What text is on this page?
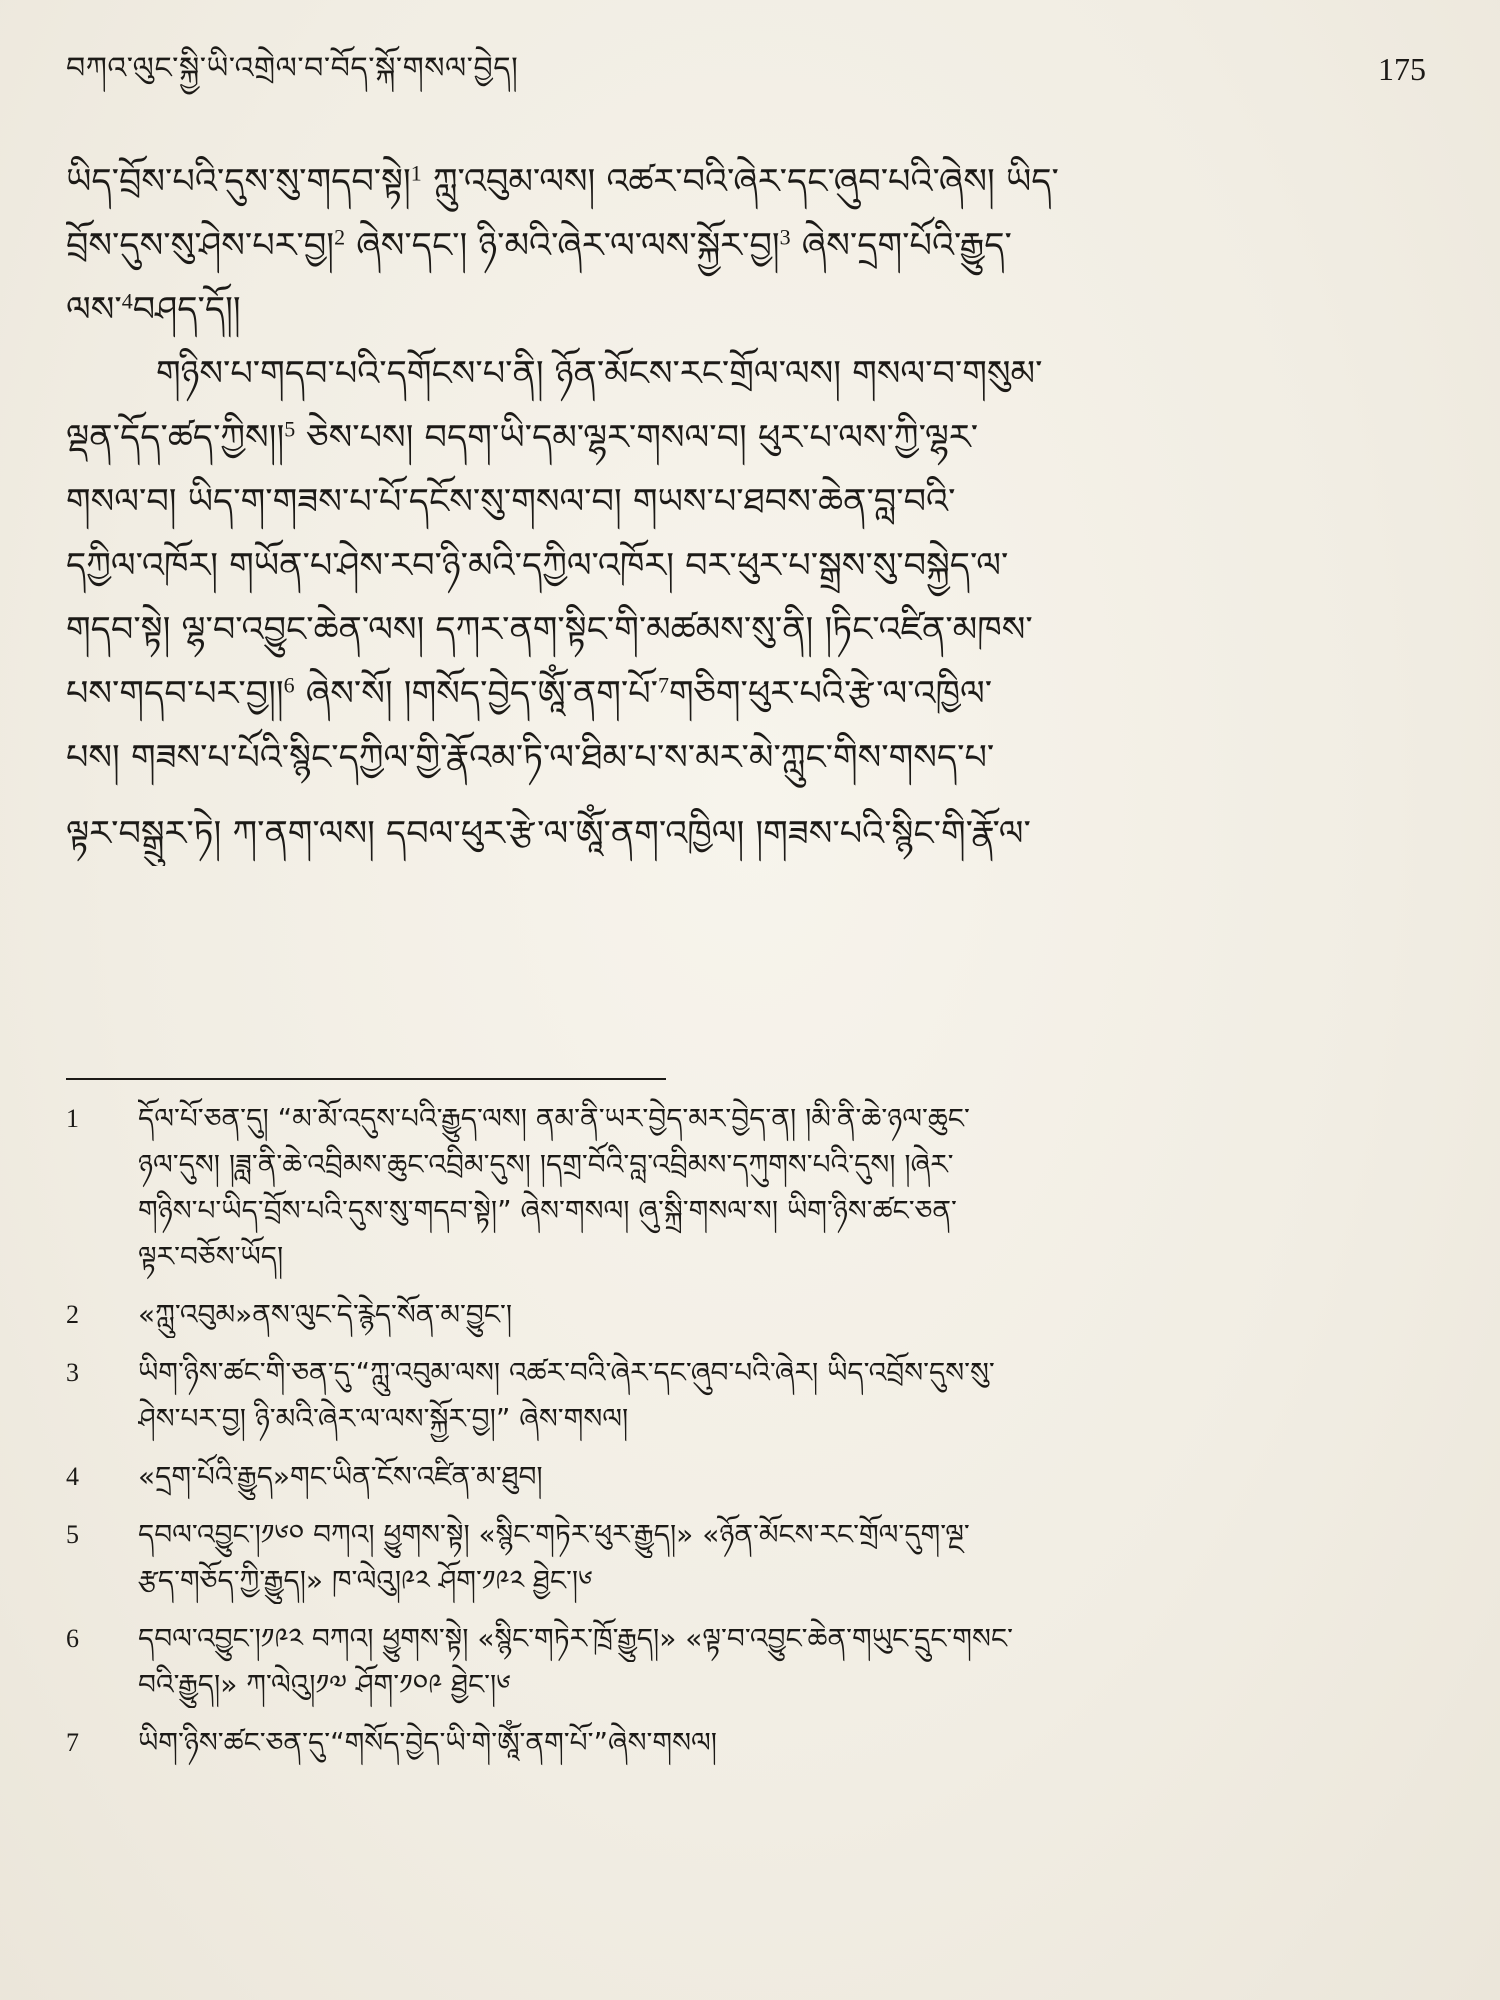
བཀའ་ལུང་སྐྱི་ཡི་འགྲེལ་བ་བོད་སྐོ་གསལ་བྱེད།	175
ཡིད་བྲོས་པའི་དུས་སུ་གདབ་སྟེ།$^1$ ཀླུ་འབུམ་ལས། འཚར་བའི་ཞེར་དང་ཞུབ་པའི་ཞེས། ཡིད་
བྲོས་དུས་སུ་ཤེས་པར་བྱ།$^2$ ཞེས་དང་། ཉི་མའི་ཞེར་ལ་ལས་སྐྱོར་བྱ།$^3$ ཞེས་དྲག་པོའི་རྒྱུད་
ལས་$^4$བཤད་དོ།།
གཉིས་པ་གདབ་པའི་དགོངས་པ་ནི། ཉོན་མོངས་རང་གྲོལ་ལས། གསལ་བ་གསུམ་
ལྡན་དོད་ཚད་ཀྱིས།།$^5$ ཅེས་པས། བདག་ཡི་དམ་ལྷར་གསལ་བ། ཕུར་པ་ལས་ཀྱི་ལྷར་
གསལ་བ། ཡིད་ག་གཟས་པ་པོ་དངོས་སུ་གསལ་བ། གཡས་པ་ཐབས་ཆེན་བླ་བའི་
དཀྱིལ་འཁོར། གཡོན་པ་ཤེས་རབ་ཉི་མའི་དཀྱིལ་འཁོར། བར་ཕུར་པ་སྒྲས་སུ་བསྐྱེད་ལ་
གདབ་སྟེ། ལྷ་བ་འབྱུང་ཆེན་ལས། དཀར་ནག་སྟིང་གི་མཚམས་སུ་ནི། །ཏིང་འཛིན་མཁས་
པས་གདབ་པར་བྱ།།$^6$ ཞེས་སོ། །གསོད་བྱེད་ཨཱོཾ་ནག་པོ་$^7$གཅིག་ཕུར་པའི་རྩེ་ལ་འཁྱིལ་
པས། གཟས་པ་པོའི་སྙིང་དཀྱིལ་གྱི་རྣོའམ་ཏི་ལ་ཐིམ་པ་ས་མར་མེ་ཀླུང་གིས་གསད་པ་
ལྟར་བསྒྲུར་ཏེ། ཀ་ནག་ལས། དབལ་ཕུར་རྩེ་ལ་ཨཱོཾ་ནག་འཁྱིལ། །གཟས་པའི་སྙིང་གི་རྣོ་ལ་
1 དོལ་པོ་ཅན་དུ། “མ་མོ་འདུས་པའི་རྒྱུད་ལས། ནམ་ནི་ཡར་བྱེད་མར་བྱེད་ན། །མི་ནི་ཆེ་ཉལ་ཆུང་
ཉལ་དུས། །ཟླ་ནི་ཆེ་འབྲིམས་ཆུང་འབྲིམ་དུས། །དགྲ་བོའི་བླ་འབྲིམས་དཀུགས་པའི་དུས། །ཞེར་
གཉིས་པ་ཡིད་བྲོས་པའི་དུས་སུ་གདབ་སྟེ།” ཞེས་གསལ། ཞུ་སྐྲི་གསལ་ས། ཡིག་ཉིས་ཚང་ཅན་
ལྟར་བཅོས་ཡོད།
2 «ཀླུ་འབུམ»ནས་ལུང་དེ་རྙེད་སོན་མ་བྱུང་།
3 ཡིག་ཉིས་ཚང་གི་ཅན་དུ་“ཀླུ་འབུམ་ལས། འཚར་བའི་ཞེར་དང་ཞུབ་པའི་ཞེར། ཡིད་འབྲོས་དུས་སུ་
ཤེས་པར་བྱ། ཉི་མའི་ཞེར་ལ་ལས་སྐྱོར་བྱ།” ཞེས་གསལ།
4 «དྲག་པོའི་རྒྱུད»གང་ཡིན་ངོས་འཛིན་མ་ཐུབ།
5 དབལ་འབྱུང་།༡༦༠ བཀའ། ཕྱུགས་སྟེ། «སྙིང་གཏེར་ཕུར་རྒྱུད།» «ཉོན་མོངས་རང་གྲོལ་དུག་ལྔ་
རྩད་གཅོད་ཀྱི་རྒྱུད།» ཁ་ལེའུ།༩༢ ཤོག་༡༩༢ ཐྱེང་།༦
6 དབལ་འབྱུང་།༡༩༢ བཀའ། ཕྱུགས་སྟེ། «སྙིང་གཏེར་ཁྲོ་རྒྱུད།» «ལྟ་བ་འབྱུང་ཆེན་གཡུང་དྲུང་གསང་
བའི་རྒྱུད།» ཀ་ལེའུ།༡༧ ཤོག་༡༠༩ ཐྱེང་།༦
7 ཡིག་ཉིས་ཚང་ཅན་དུ་“གསོད་བྱེད་ཡི་གེ་ཨཱོཾ་ནག་པོ་”ཞེས་གསལ།
